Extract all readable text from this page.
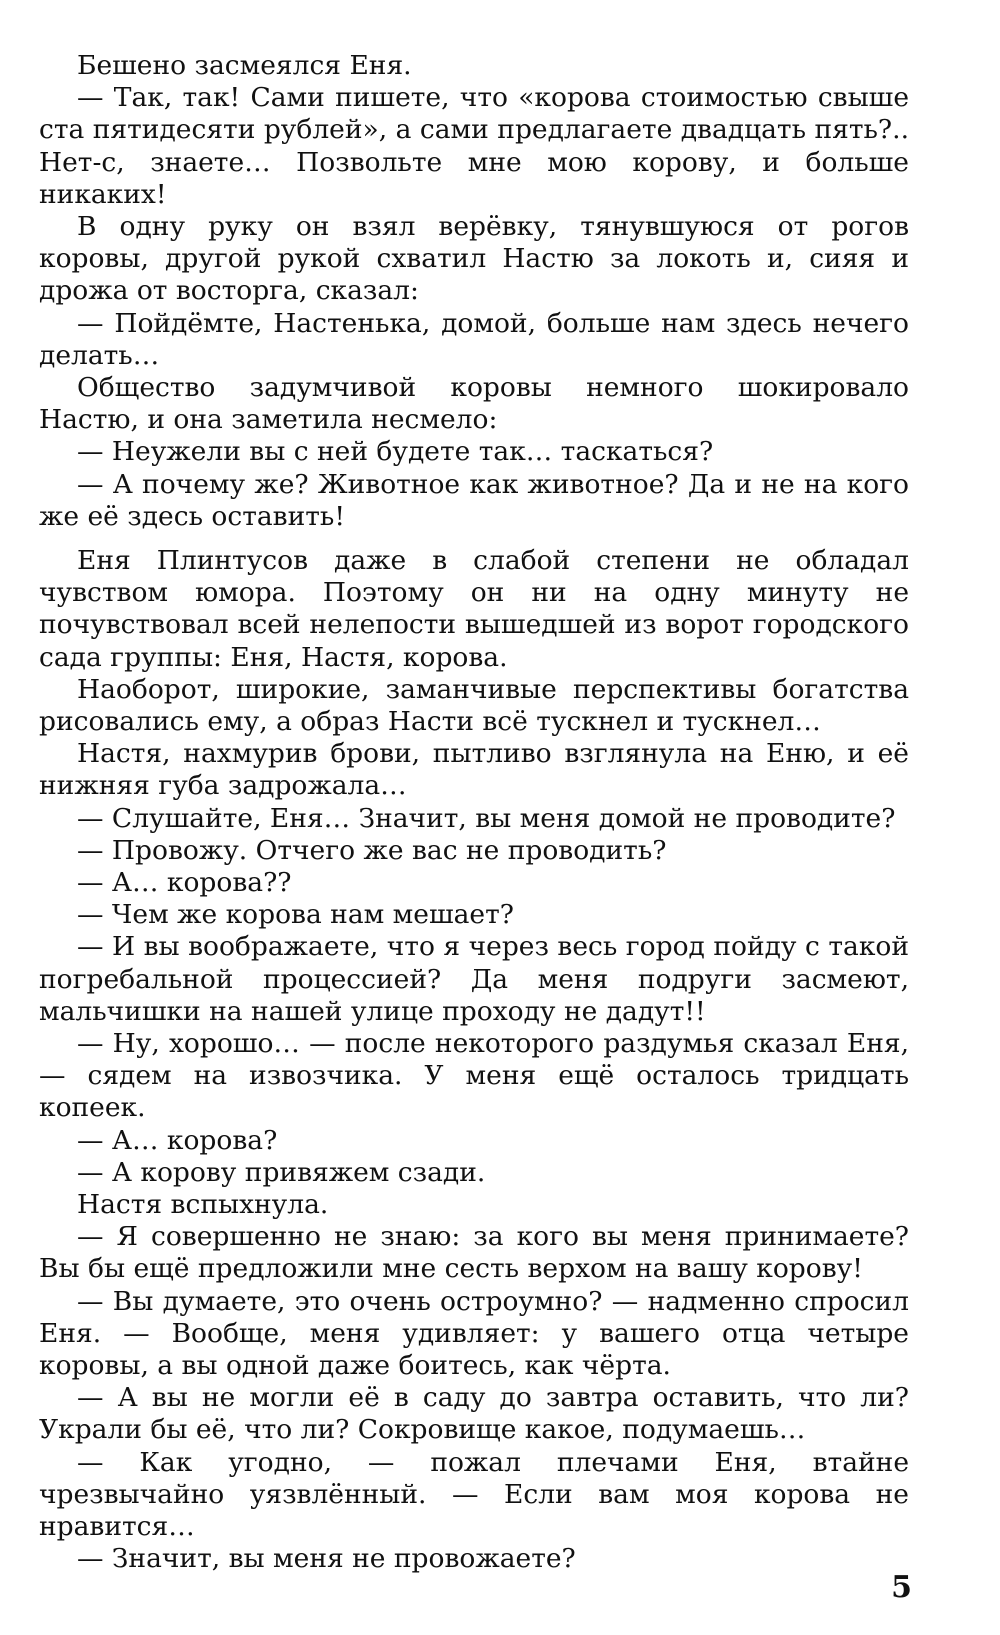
Бешено засмеялся Еня.

— Так, так! Сами пишете, что «корова стоимостью свыше ста пятидесяти рублей», а сами предлагаете двадцать пять?.. Нет-с, знаете… Позвольте мне мою корову, и больше никаких!

В одну руку он взял верёвку, тянувшуюся от рогов коровы, другой рукой схватил Настю за локоть и, сияя и дрожа от восторга, сказал:

— Пойдёмте, Настенька, домой, больше нам здесь нечего делать…

Общество задумчивой коровы немного шокировало Настю, и она заметила несмело:

— Неужели вы с ней будете так… таскаться?

— А почему же? Животное как животное? Да и не на кого же её здесь оставить!

Еня Плинтусов даже в слабой степени не обладал чувством юмора. Поэтому он ни на одну минуту не почувствовал всей нелепости вышедшей из ворот городского сада группы: Еня, Настя, корова.

Наоборот, широкие, заманчивые перспективы богатства рисовались ему, а образ Насти всё тускнел и тускнел…

Настя, нахмурив брови, пытливо взглянула на Еню, и её нижняя губа задрожала…

— Слушайте, Еня… Значит, вы меня домой не проводите?

— Провожу. Отчего же вас не проводить?

— А… корова??

— Чем же корова нам мешает?

— И вы воображаете, что я через весь город пойду с такой погребальной процессией? Да меня подруги засмеют, мальчишки на нашей улице проходу не дадут!!

— Ну, хорошо… — после некоторого раздумья сказал Еня, — сядем на извозчика. У меня ещё осталось тридцать копеек.

— А… корова?

— А корову привяжем сзади.

Настя вспыхнула.

— Я совершенно не знаю: за кого вы меня принимаете? Вы бы ещё предложили мне сесть верхом на вашу корову!

— Вы думаете, это очень остроумно? — надменно спросил Еня. — Вообще, меня удивляет: у вашего отца четыре коровы, а вы одной даже боитесь, как чёрта.

— А вы не могли её в саду до завтра оставить, что ли? Украли бы её, что ли? Сокровище какое, подумаешь…

— Как угодно, — пожал плечами Еня, втайне чрезвычайно уязвлённый. — Если вам моя корова не нравится…

— Значит, вы меня не провожаете?

5
